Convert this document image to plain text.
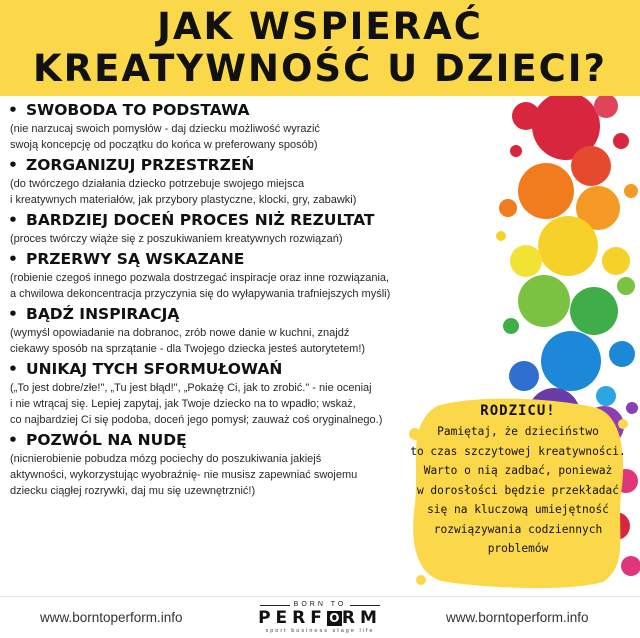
JAK WSPIERAĆ
KREATYWNOŚĆ U DZIECI?
• SWOBODA TO PODSTAWA
(nie narzucaj swoich pomysłów - daj dziecku możliwość wyrazić
swoją koncepcję od początku do końca w preferowany sposób)
• ZORGANIZUJ PRZESTRZEŃ
(do twórczego działania dziecko potrzebuje swojego miejsca
i kreatywnych materiałów, jak przybory plastyczne, klocki, gry, zabawki)
• BARDZIEJ DOCEŃ PROCES NIŻ REZULTAT
(proces twórczy wiąże się z poszukiwaniem kreatywnych rozwiązań)
• PRZERWY SĄ WSKAZANE
(robienie czegoś innego pozwala dostrzegać inspiracje oraz inne rozwiązania,
a chwilowa dekoncentracja przyczynia się do wyłapywania trafniejszych myśli)
• BĄDŹ INSPIRACJĄ
(wymyśl opowiadanie na dobranoc, zrób nowe danie w kuchni, znajdź
ciekawy sposób na sprzątanie - dla Twojego dziecka jesteś autorytetem!)
• UNIKAJ TYCH SFORMUŁOWAŃ
(„To jest dobre/złe!", „Tu jest błąd!", „Pokażę Ci, jak to zrobić." - nie oceniaj
i nie wtrącaj się. Lepiej zapytaj, jak Twoje dziecko na to wpadło; wskaż,
co najbardziej Ci się podoba, doceń jego pomysł; zauważ coś oryginalnego.)
• POZWÓL NA NUDĘ
(nicnierobienie pobudza mózg pociechy do poszukiwania jakiejś
aktywności, wykorzystując wyobraźnię- nie musisz zapewniać swojemu
dziecku ciągłej rozrywki, daj mu się uzewnętrznić!)
RODZICU!
Pamiętaj, że dzieciństwo
to czas szczytowej kreatywności.
Warto o nią zadbać, ponieważ
w dorosłości będzie przekładać
się na kluczową umiejętność
rozwiązywania codziennych
problemów
www.borntoperform.info
BORN TO
PERF O RM
sport business stage life
www.borntoperform.info
